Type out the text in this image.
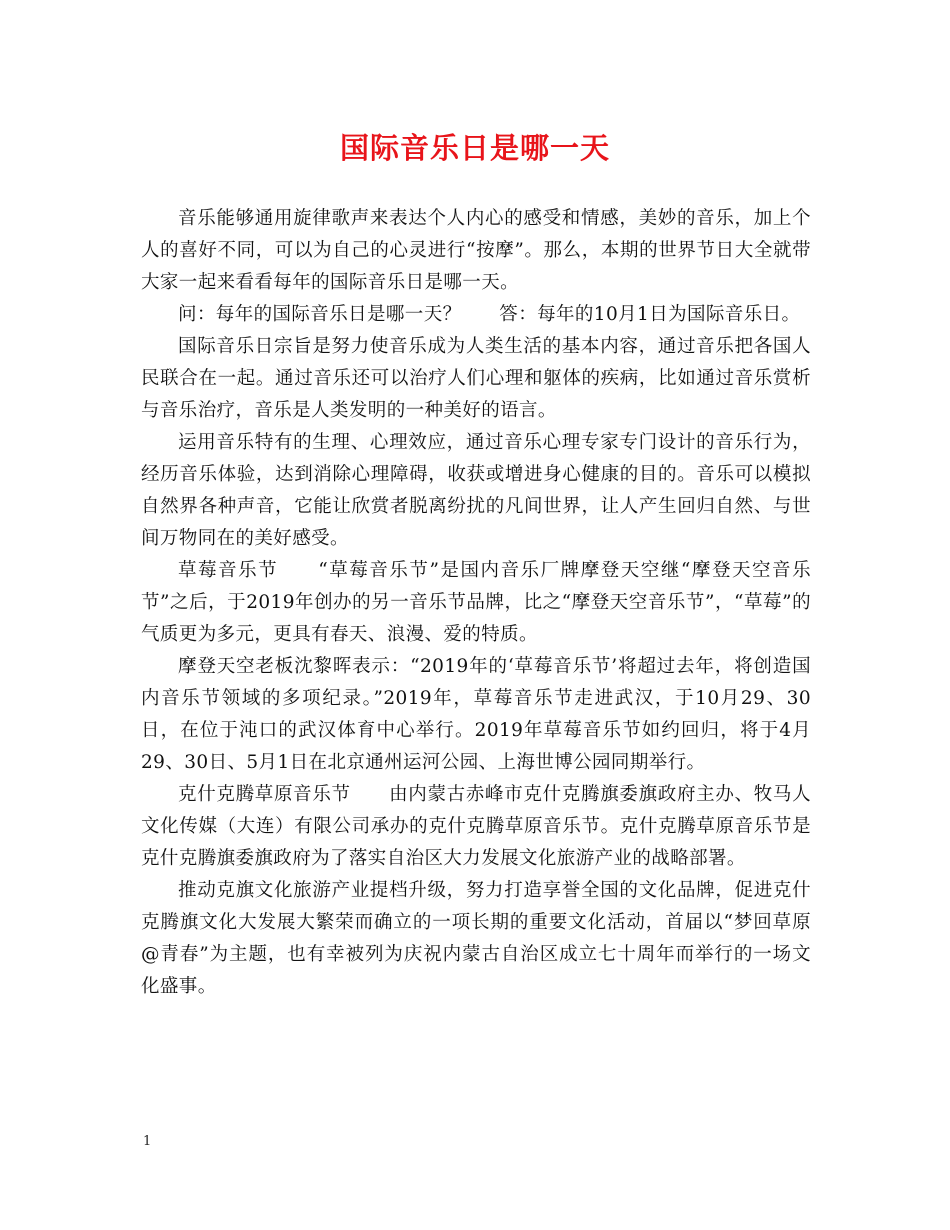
国际音乐日是哪一天

音乐能够通用旋律歌声来表达个人内心的感受和情感，美妙的音乐，加上个人的喜好不同，可以为自己的心灵进行“按摩”。那么，本期的世界节日大全就带大家一起来看看每年的国际音乐日是哪一天。

问：每年的国际音乐日是哪一天？　　答：每年的10月1日为国际音乐日。

国际音乐日宗旨是努力使音乐成为人类生活的基本内容，通过音乐把各国人民联合在一起。通过音乐还可以治疗人们心理和躯体的疾病，比如通过音乐赏析与音乐治疗，音乐是人类发明的一种美好的语言。

运用音乐特有的生理、心理效应，通过音乐心理专家专门设计的音乐行为，经历音乐体验，达到消除心理障碍，收获或增进身心健康的目的。音乐可以模拟自然界各种声音，它能让欣赏者脱离纷扰的凡间世界，让人产生回归自然、与世间万物同在的美好感受。

草莓音乐节　　“草莓音乐节”是国内音乐厂牌摩登天空继“摩登天空音乐节”之后，于2019年创办的另一音乐节品牌，比之“摩登天空音乐节”，“草莓”的气质更为多元，更具有春天、浪漫、爱的特质。

摩登天空老板沈黎晖表示：“2019年的‘草莓音乐节’将超过去年，将创造国内音乐节领域的多项纪录。”2019年，草莓音乐节走进武汉，于10月29、30日，在位于沌口的武汉体育中心举行。2019年草莓音乐节如约回归，将于4月29、30日、5月1日在北京通州运河公园、上海世博公园同期举行。

克什克腾草原音乐节　　由内蒙古赤峰市克什克腾旗委旗政府主办、牧马人文化传媒（大连）有限公司承办的克什克腾草原音乐节。克什克腾草原音乐节是克什克腾旗委旗政府为了落实自治区大力发展文化旅游产业的战略部署。

推动克旗文化旅游产业提档升级，努力打造享誉全国的文化品牌，促进克什克腾旗文化大发展大繁荣而确立的一项长期的重要文化活动，首届以“梦回草原@青春”为主题，也有幸被列为庆祝内蒙古自治区成立七十周年而举行的一场文化盛事。

1
